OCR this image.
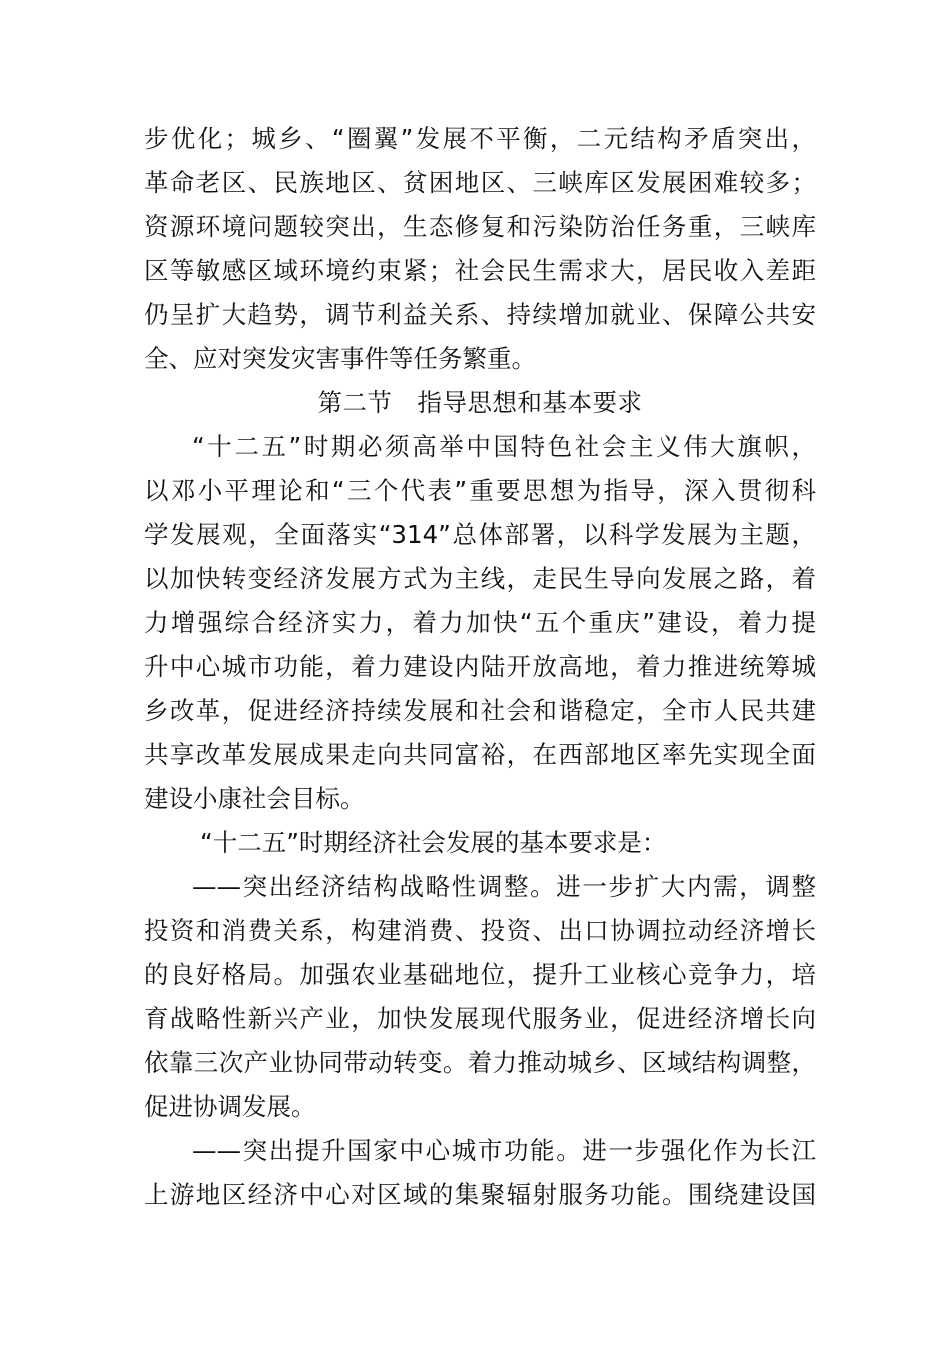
步优化；城乡、“圈翼”发展不平衡，二元结构矛盾突出，
革命老区、民族地区、贫困地区、三峡库区发展困难较多；
资源环境问题较突出，生态修复和污染防治任务重，三峡库
区等敏感区域环境约束紧；社会民生需求大，居民收入差距
仍呈扩大趋势，调节利益关系、持续增加就业、保障公共安
全、应对突发灾害事件等任务繁重。
第二节　指导思想和基本要求
“十二五”时期必须高举中国特色社会主义伟大旗帜，
以邓小平理论和“三个代表”重要思想为指导，深入贯彻科
学发展观，全面落实“314”总体部署，以科学发展为主题，
以加快转变经济发展方式为主线，走民生导向发展之路，着
力增强综合经济实力，着力加快“五个重庆”建设，着力提
升中心城市功能，着力建设内陆开放高地，着力推进统筹城
乡改革，促进经济持续发展和社会和谐稳定，全市人民共建
共享改革发展成果走向共同富裕，在西部地区率先实现全面
建设小康社会目标。
“十二五”时期经济社会发展的基本要求是：
——突出经济结构战略性调整。进一步扩大内需，调整
投资和消费关系，构建消费、投资、出口协调拉动经济增长
的良好格局。加强农业基础地位，提升工业核心竞争力，培
育战略性新兴产业，加快发展现代服务业，促进经济增长向
依靠三次产业协同带动转变。着力推动城乡、区域结构调整，
促进协调发展。
——突出提升国家中心城市功能。进一步强化作为长江
上游地区经济中心对区域的集聚辐射服务功能。围绕建设国
